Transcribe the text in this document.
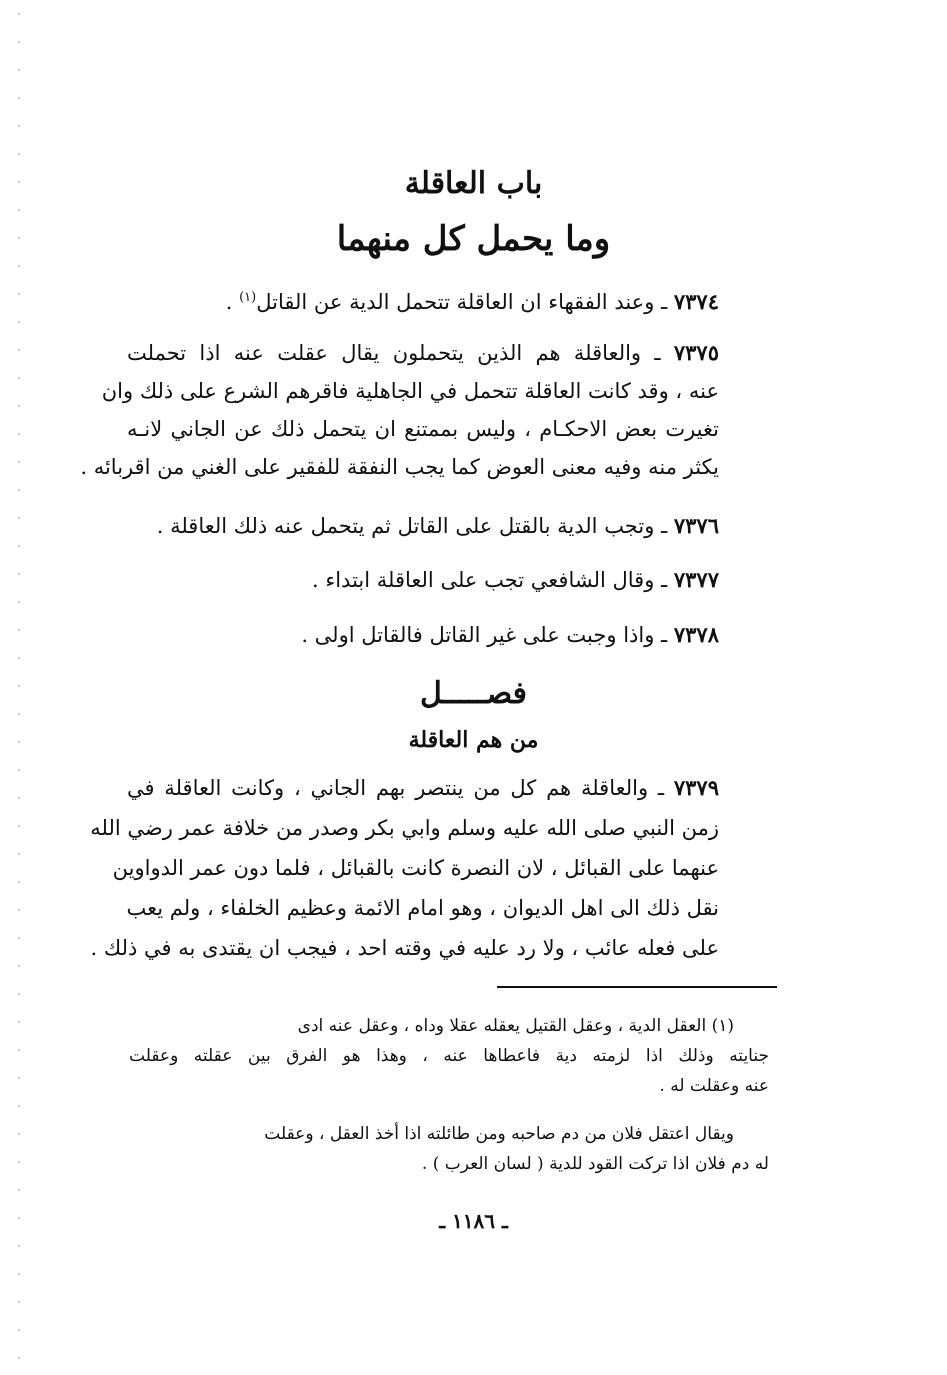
باب العاقلة
وما يحمل كل منهما
٧٣٧٤ ـ وعند الفقهاء ان العاقلة تتحمل الدية عن القاتل$^{(١)}$ .
٧٣٧٥ ـ والعاقلة هم الذين يتحملون يقال عقلت عنه اذا تحملت
عنه ، وقد كانت العاقلة تتحمل في الجاهلية فاقرهم الشرع على ذلك وان
تغيرت بعض الاحكـام ، وليس بممتنع ان يتحمل ذلك عن الجاني لانـه
يكثر منه وفيه معنى العوض كما يجب النفقة للفقير على الغني من اقربائه .
٧٣٧٦ ـ وتجب الدية بالقتل على القاتل ثم يتحمل عنه ذلك العاقلة .
٧٣٧٧ ـ وقال الشافعي تجب على العاقلة ابتداء .
٧٣٧٨ ـ واذا وجبت على غير القاتل فالقاتل اولى .
فصـــــل
من هم العاقلة
٧٣٧٩ ـ والعاقلة هم كل من ينتصر بهم الجاني ، وكانت العاقلة في
زمن النبي صلى الله عليه وسلم وابي بكر وصدر من خلافة عمر رضي الله
عنهما على القبائل ، لان النصرة كانت بالقبائل ، فلما دون عمر الدواوين
نقل ذلك الى اهل الديوان ، وهو امام الائمة وعظيم الخلفاء ، ولم يعب
على فعله عائب ، ولا رد عليه في وقته احد ، فيجب ان يقتدى به في ذلك .
(١) العقل الدية ، وعقل القتيل يعقله عقلا وداه ، وعقل عنه ادى
جنايته وذلك اذا لزمته دية فاعطاها عنه ، وهذا هو الفرق بين عقلته وعقلت
عنه وعقلت له .
ويقال اعتقل فلان من دم صاحبه ومن طائلته اذا أخذ العقل ، وعقلت
له دم فلان اذا تركت القود للدية ( لسان العرب ) .
ـ ١١٨٦ ـ
